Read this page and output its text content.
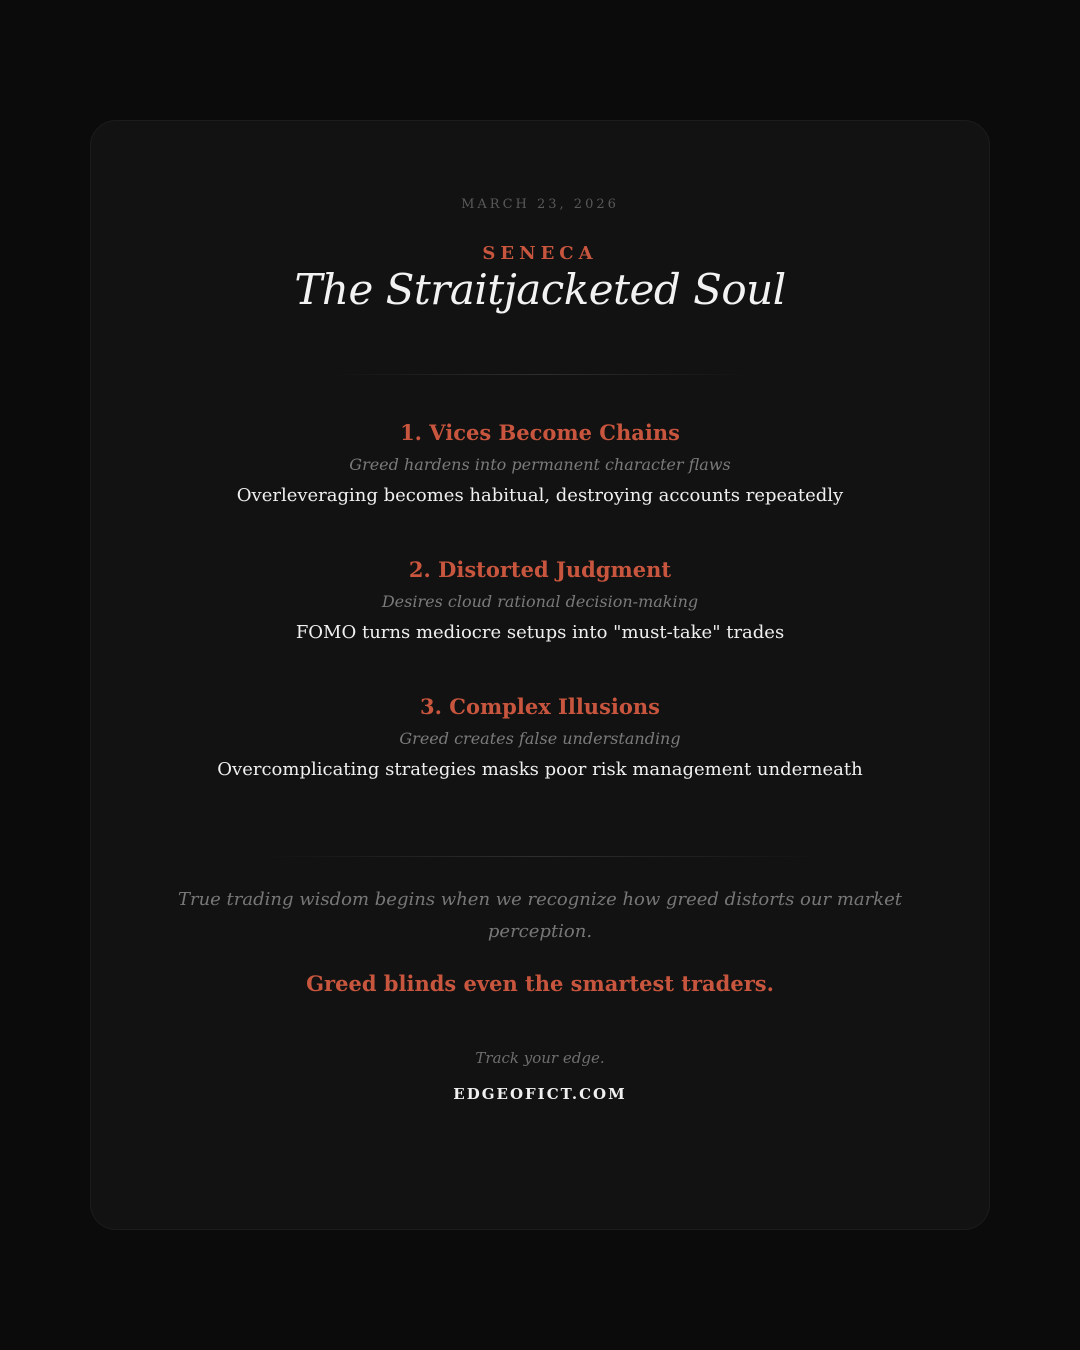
MARCH 23, 2026
SENECA
The Straitjacketed Soul
1. Vices Become Chains
Greed hardens into permanent character flaws
Overleveraging becomes habitual, destroying accounts repeatedly
2. Distorted Judgment
Desires cloud rational decision-making
FOMO turns mediocre setups into "must-take" trades
3. Complex Illusions
Greed creates false understanding
Overcomplicating strategies masks poor risk management underneath
True trading wisdom begins when we recognize how greed distorts our market perception.
Greed blinds even the smartest traders.
Track your edge.
EDGEOFICT.COM
